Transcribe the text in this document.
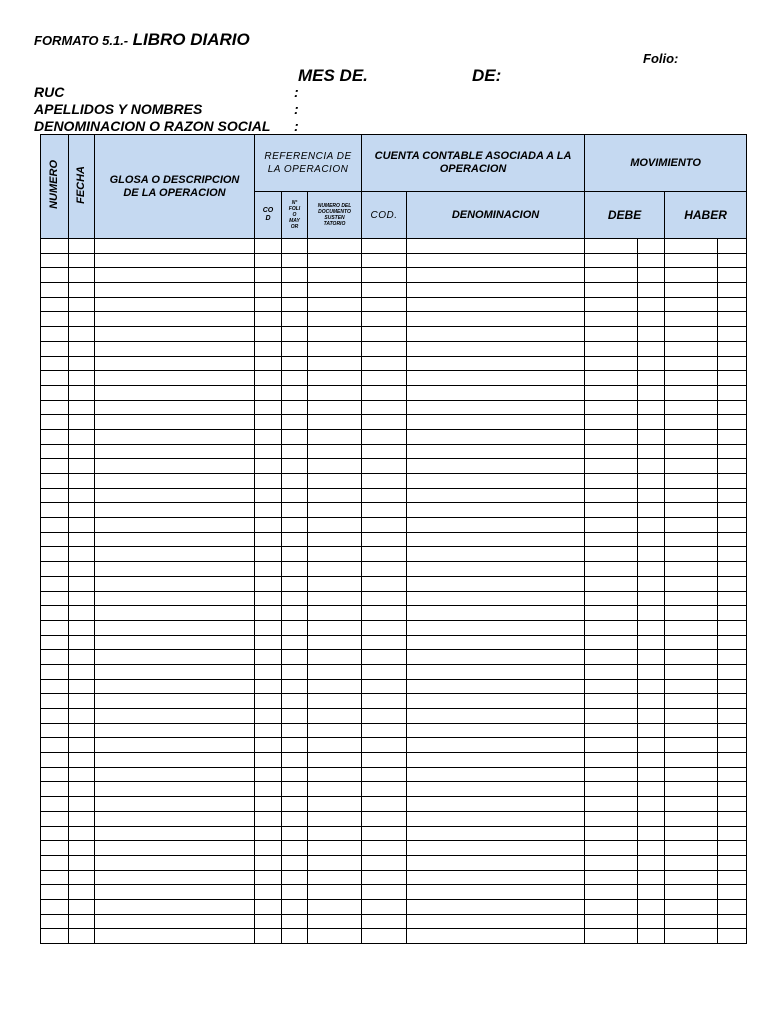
FORMATO 5.1.- LIBRO DIARIO
Folio:
MES DE.	DE:
RUC	:
APELLIDOS Y NOMBRES	:
DENOMINACION O RAZON SOCIAL :
NUMERO	FECHA	GLOSA O DESCRIPCION DE LA OPERACION	REFERENCIA DE LA OPERACION			CUENTA CONTABLE ASOCIADA A LA OPERACION		MOVIMIENTO			
			CO D	N° FOLI O MAY OR	NUMERO DEL DOCUMENTO SUSTEN TATORIO	COD.	DENOMINACION	DEBE		HABER	
